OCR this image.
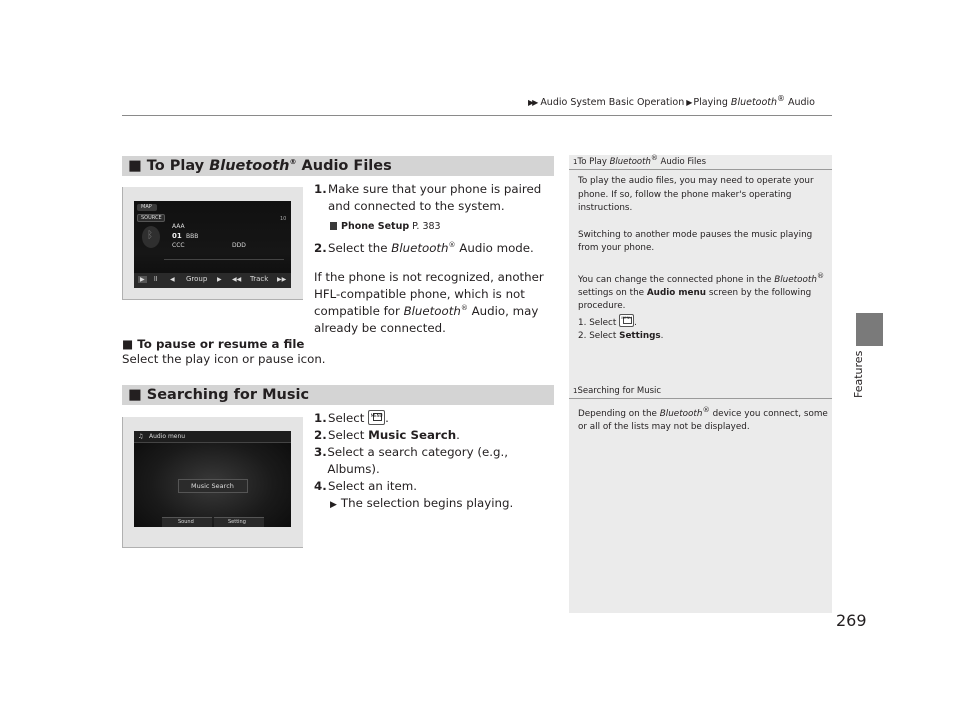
▶▶ Audio System Basic Operation ▶ Playing Bluetooth® Audio
Features
■ To Play Bluetooth® Audio Files
MAP
SOURCE	10
ᛒ
AAA
01 BBB
CCC	DDD
▶	ll ◀ Group ▶ ◀◀ Track ▶▶
1. Make sure that your phone is paired and connected to the system.
Phone Setup P. 383
2. Select the Bluetooth® Audio mode.
If the phone is not recognized, another HFL-compatible phone, which is not compatible for Bluetooth® Audio, may already be connected.
■ To pause or resume a file
Select the play icon or pause icon.
■ Searching for Music
♫ Audio menu
Music Search
Sound	Setting
1. Select MENU .
2. Select Music Search.
3. Select a search category (e.g., Albums).
4. Select an item.
▶ The selection begins playing.
$^1$To Play Bluetooth® Audio Files

To play the audio files, you may need to operate your phone. If so, follow the phone maker's operating instructions.

Switching to another mode pauses the music playing from your phone.

You can change the connected phone in the Bluetooth® settings on the Audio menu screen by the following procedure.

1. Select MENU .
2. Select Settings.
$^1$Searching for Music

Depending on the Bluetooth® device you connect, some or all of the lists may not be displayed.

269
